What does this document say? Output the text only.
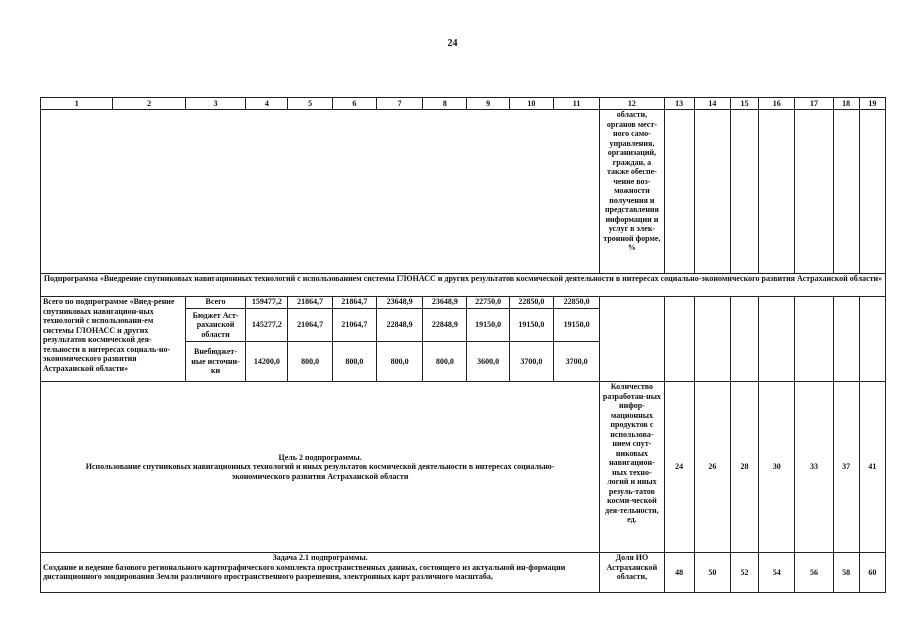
24
1	2	3	4	5	6	7	8	9	10	11	12	13	14	15	16	17	18	19
											области, органов мест-ного само-управления, организаций, граждан, а также обеспе-чение воз-можности получения и представления информации и услуг в элек-тронной форме, %							
Подпрограмма «Внедрение спутниковых навигационных технологий с использованием системы ГЛОНАСС и других результатов космической деятельности в интересах социально-экономического развития Астраханской области»																		
Всего по подпрограмме «Внед-рение спутниковых навигацион-ных технологий с использовани-ем системы ГЛОНАСС и других результатов космической дея-тельности в интересах социаль-но-экономического развития Астраханской области»		Всего	159477,2	21864,7	21864,7	23648,9	23648,9	22750,0	22850,0	22850,0								
		Бюджет Аст-раханской области	145277,2	21064,7	21064,7	22848,9	22848,9	19150,0	19150,0	19150,0								
		Внебюджет-ные источни-ки	14200,0	800,0	800,0	800,0	800,0	3600,0	3700,0	3700,0								

Цель 2 подпрограммы.
Использование спутниковых навигационных технологий и иных результатов космической деятельности в интересах социально-экономического развития Астраханской области											Количество разработан-ных инфор-мационных продуктов с использова-нием спут-никовых навигацион-ных техно-логий и иных резуль-татов косми-ческой дея-тельности, ед.	24	26	28	30	33	37	41

Задача 2.1 подпрограммы.
Создание и ведение базового регионального картографического комплекта пространственных данных, состоящего из актуальной ин-формации дистанционного зондирования Земли различного пространственного разрешения, электронных карт различного масштаба,											Доля ИО Астраханской области,	48	50	52	54	56	58	60
